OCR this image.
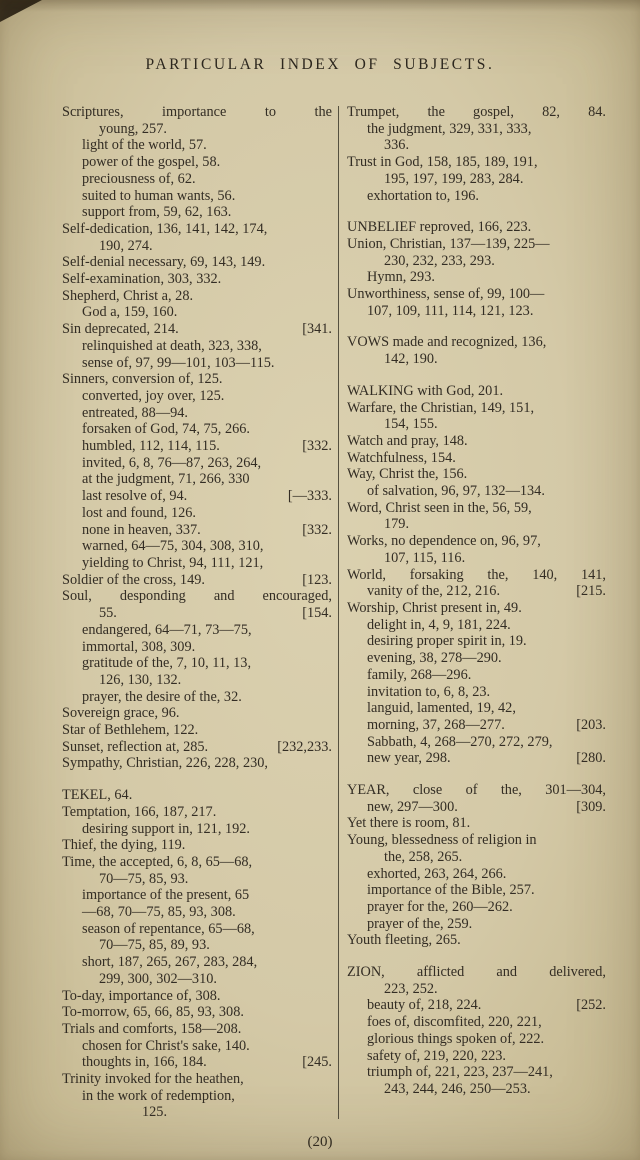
PARTICULAR INDEX OF SUBJECTS.
Scriptures, importance to the
young, 257.
light of the world, 57.
power of the gospel, 58.
preciousness of, 62.
suited to human wants, 56.
support from, 59, 62, 163.
Self-dedication, 136, 141, 142, 174,
190, 274.
Self-denial necessary, 69, 143, 149.
Self-examination, 303, 332.
Shepherd, Christ a, 28.
God a, 159, 160.
Sin deprecated, 214.	[341.
relinquished at death, 323, 338,
sense of, 97, 99—101, 103—115.
Sinners, conversion of, 125.
converted, joy over, 125.
entreated, 88—94.
forsaken of God, 74, 75, 266.
humbled, 112, 114, 115.	[332.
invited, 6, 8, 76—87, 263, 264,
at the judgment, 71, 266, 330
last resolve of, 94.	[—333.
lost and found, 126.
none in heaven, 337.	[332.
warned, 64—75, 304, 308, 310,
yielding to Christ, 94, 111, 121,
Soldier of the cross, 149.	[123.
Soul, desponding and encouraged,
55.	[154.
endangered, 64—71, 73—75,
immortal, 308, 309.
gratitude of the, 7, 10, 11, 13,
126, 130, 132.
prayer, the desire of the, 32.
Sovereign grace, 96.
Star of Bethlehem, 122.
Sunset, reflection at, 285.	[232,233.
Sympathy, Christian, 226, 228, 230,
TEKEL, 64.
Temptation, 166, 187, 217.
desiring support in, 121, 192.
Thief, the dying, 119.
Time, the accepted, 6, 8, 65—68,
70—75, 85, 93.
importance of the present, 65
—68, 70—75, 85, 93, 308.
season of repentance, 65—68,
70—75, 85, 89, 93.
short, 187, 265, 267, 283, 284,
299, 300, 302—310.
To-day, importance of, 308.
To-morrow, 65, 66, 85, 93, 308.
Trials and comforts, 158—208.
chosen for Christ's sake, 140.
thoughts in, 166, 184.	[245.
Trinity invoked for the heathen,
in the work of redemption,
125.
Trumpet, the gospel, 82, 84.
the judgment, 329, 331, 333,
336.
Trust in God, 158, 185, 189, 191,
195, 197, 199, 283, 284.
exhortation to, 196.
UNBELIEF reproved, 166, 223.
Union, Christian, 137—139, 225—
230, 232, 233, 293.
Hymn, 293.
Unworthiness, sense of, 99, 100—
107, 109, 111, 114, 121, 123.
VOWS made and recognized, 136,
142, 190.
WALKING with God, 201.
Warfare, the Christian, 149, 151,
154, 155.
Watch and pray, 148.
Watchfulness, 154.
Way, Christ the, 156.
of salvation, 96, 97, 132—134.
Word, Christ seen in the, 56, 59,
179.
Works, no dependence on, 96, 97,
107, 115, 116.
World, forsaking the, 140, 141,
vanity of the, 212, 216.	[215.
Worship, Christ present in, 49.
delight in, 4, 9, 181, 224.
desiring proper spirit in, 19.
evening, 38, 278—290.
family, 268—296.
invitation to, 6, 8, 23.
languid, lamented, 19, 42,
morning, 37, 268—277.	[203.
Sabbath, 4, 268—270, 272, 279,
new year, 298.	[280.
YEAR, close of the, 301—304,
new, 297—300.	[309.
Yet there is room, 81.
Young, blessedness of religion in
the, 258, 265.
exhorted, 263, 264, 266.
importance of the Bible, 257.
prayer for the, 260—262.
prayer of the, 259.
Youth fleeting, 265.
ZION, afflicted and delivered,
223, 252.
beauty of, 218, 224.	[252.
foes of, discomfited, 220, 221,
glorious things spoken of, 222.
safety of, 219, 220, 223.
triumph of, 221, 223, 237—241,
243, 244, 246, 250—253.
(20)
